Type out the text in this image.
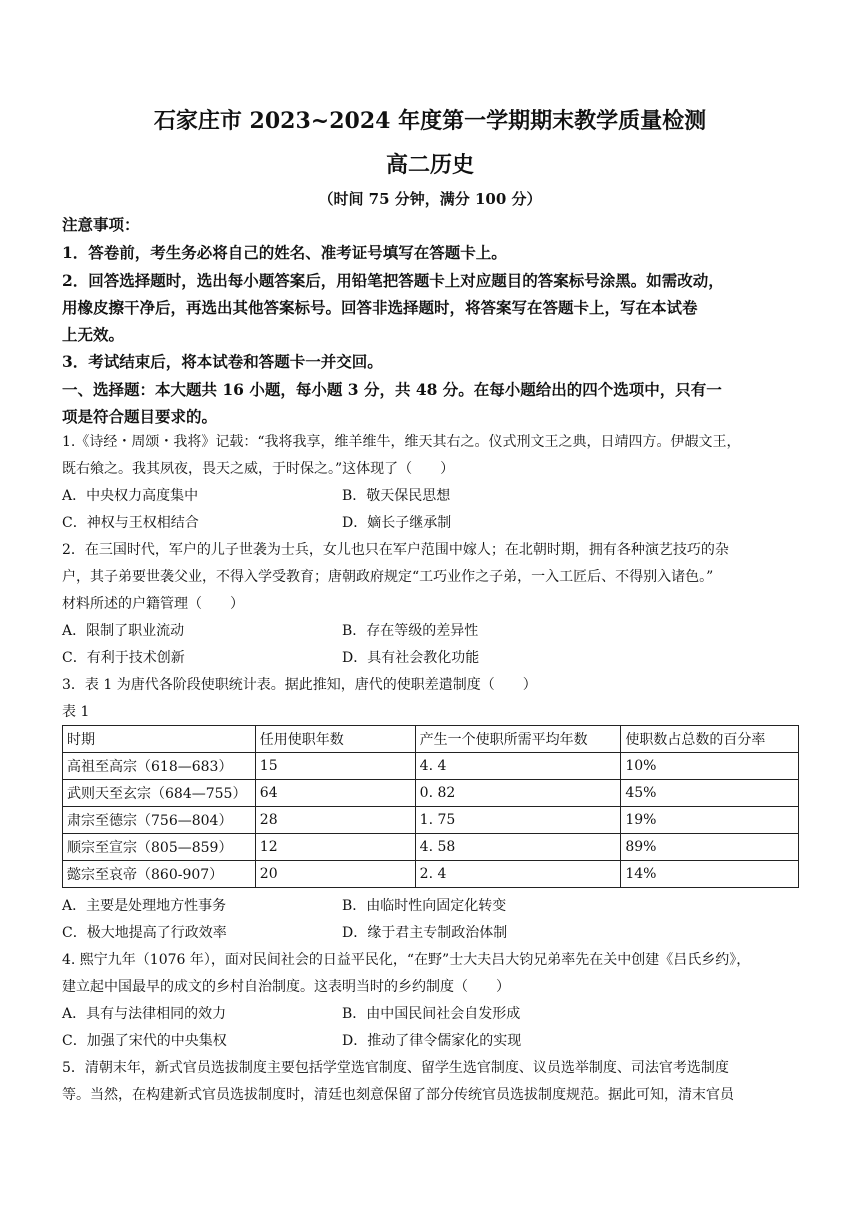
石家庄市 2023~2024 年度第一学期期末教学质量检测
高二历史
（时间 75 分钟，满分 100 分）
注意事项：
1．答卷前，考生务必将自己的姓名、准考证号填写在答题卡上。
2．回答选择题时，选出每小题答案后，用铅笔把答题卡上对应题目的答案标号涂黑。如需改动，
用橡皮擦干净后，再选出其他答案标号。回答非选择题时，将答案写在答题卡上，写在本试卷
上无效。
3．考试结束后，将本试卷和答题卡一并交回。
一、选择题：本大题共 16 小题，每小题 3 分，共 48 分。在每小题给出的四个选项中，只有一
项是符合题目要求的。
1.《诗经・周颂・我将》记载：“我将我享，维羊维牛，维天其右之。仪式刑文王之典，日靖四方。伊嘏文王，
既右飨之。我其夙夜，畏天之威，于时保之。”这体现了（　　）
A．中央权力高度集中	B．敬天保民思想
C．神权与王权相结合	D．嫡长子继承制
2．在三国时代，军户的儿子世袭为士兵，女儿也只在军户范围中嫁人；在北朝时期，拥有各种演艺技巧的杂
户，其子弟要世袭父业，不得入学受教育；唐朝政府规定“工巧业作之子弟，一入工匠后、不得别入诸色。”
材料所述的户籍管理（　　）
A．限制了职业流动	B．存在等级的差异性
C．有利于技术创新	D．具有社会教化功能
3．表 1 为唐代各阶段使职统计表。据此推知，唐代的使职差遣制度（　　）
表 1
时期	任用使职年数	产生一个使职所需平均年数	使职数占总数的百分率
高祖至高宗（618—683）	15	4. 4	10%
武则天至玄宗（684—755）	64	0. 82	45%
肃宗至德宗（756—804）	28	1. 75	19%
顺宗至宣宗（805—859）	12	4. 58	89%
懿宗至哀帝（860-907）	20	2. 4	14%
A．主要是处理地方性事务	B．由临时性向固定化转变
C．极大地提高了行政效率	D．缘于君主专制政治体制
4. 熙宁九年（1076 年），面对民间社会的日益平民化，“在野”士大夫吕大钧兄弟率先在关中创建《吕氏乡约》，
建立起中国最早的成文的乡村自治制度。这表明当时的乡约制度（　　）
A．具有与法律相同的效力	B．由中国民间社会自发形成
C．加强了宋代的中央集权	D．推动了律令儒家化的实现
5．清朝末年，新式官员选拔制度主要包括学堂选官制度、留学生选官制度、议员选举制度、司法官考选制度
等。当然，在构建新式官员选拔制度时，清廷也刻意保留了部分传统官员选拔制度规范。据此可知，清末官员
